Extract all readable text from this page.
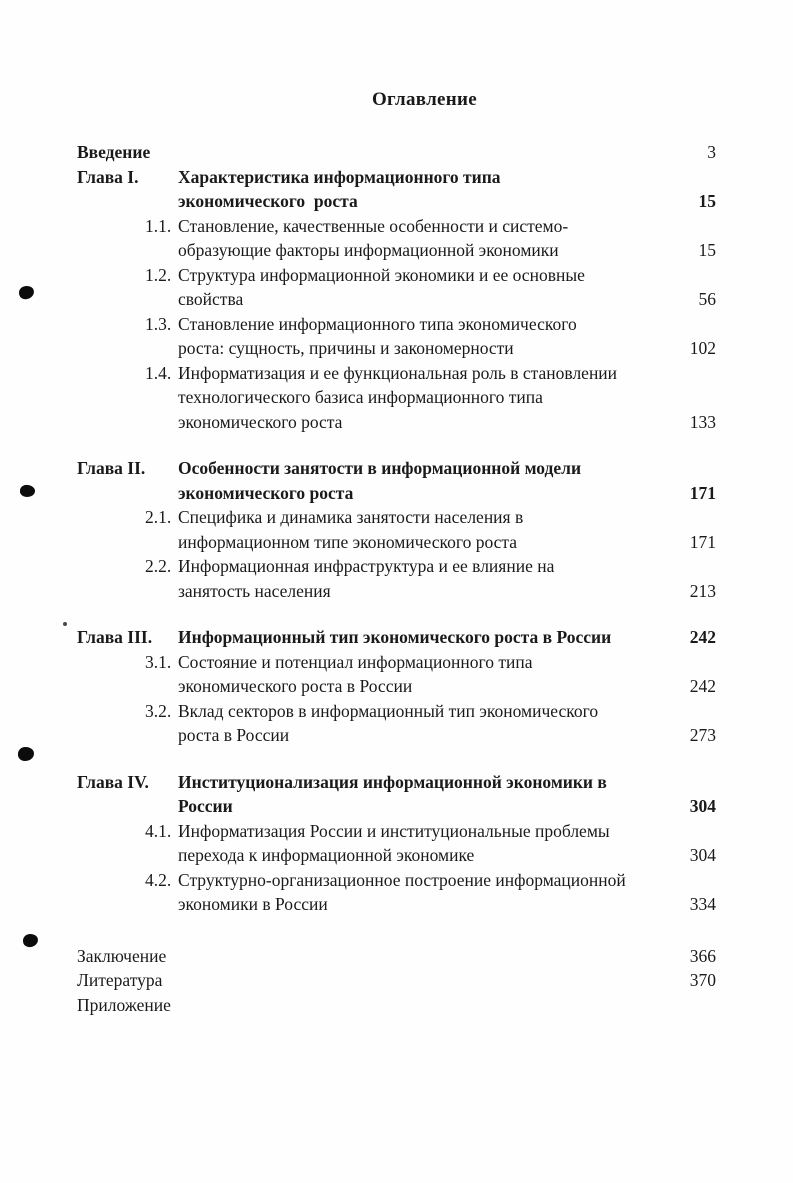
Оглавление
Введение	3
Глава I.	Характеристика информационного типа
экономического  роста	15
1.1. Становление, качественные особенности и системо-
образующие факторы информационной экономики	15
1.2. Структура информационной экономики и ее основные
свойства	56
1.3. Становление информационного типа экономического
роста: сущность, причины и закономерности	102
1.4. Информатизация и ее функциональная роль в становлении
технологического базиса информационного типа
экономического роста	133
Глава II.	Особенности занятости в информационной модели
экономического роста	171
2.1. Специфика и динамика занятости населения в
информационном типе экономического роста	171
2.2. Информационная инфраструктура и ее влияние на
занятость населения	213
Глава III.	Информационный тип экономического роста в России	242
3.1. Состояние и потенциал информационного типа
экономического роста в России	242
3.2. Вклад секторов в информационный тип экономического
роста в России	273
Глава IV.	Институционализация информационной экономики в
России	304
4.1. Информатизация России и институциональные проблемы
перехода к информационной экономике	304
4.2. Структурно-организационное построение информационной
экономики в России	334
Заключение	366
Литература	370
Приложение
